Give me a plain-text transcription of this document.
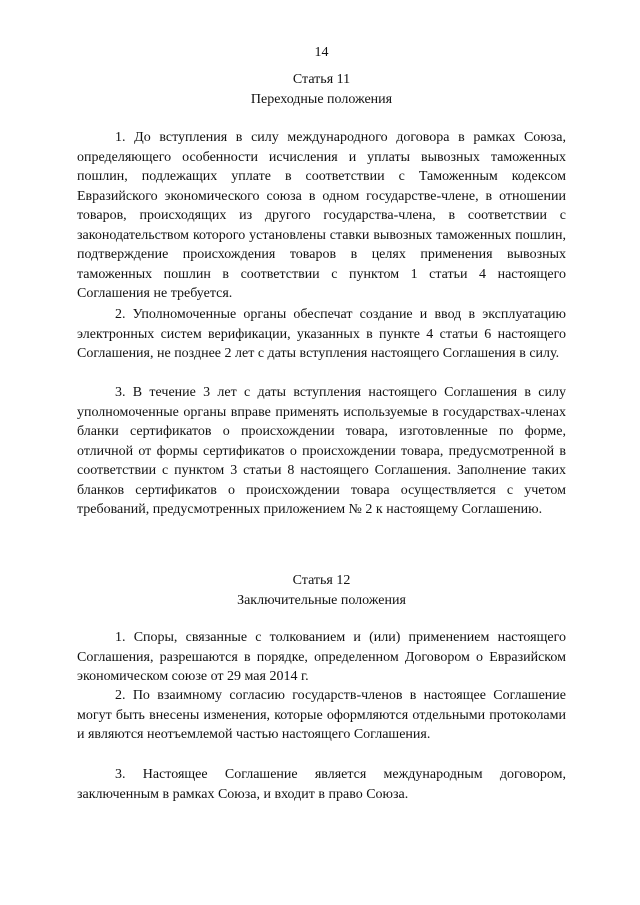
14
Статья 11
Переходные положения

1. До вступления в силу международного договора в рамках Союза, определяющего особенности исчисления и уплаты вывозных таможенных пошлин, подлежащих уплате в соответствии с Таможенным кодексом Евразийского экономического союза в одном государстве-члене, в отношении товаров, происходящих из другого государства-члена, в соответствии с законодательством которого установлены ставки вывозных таможенных пошлин, подтверждение происхождения товаров в целях применения вывозных таможенных пошлин в соответствии с пунктом 1 статьи 4 настоящего Соглашения не требуется.

2. Уполномоченные органы обеспечат создание и ввод в эксплуатацию электронных систем верификации, указанных в пункте 4 статьи 6 настоящего Соглашения, не позднее 2 лет с даты вступления настоящего Соглашения в силу.

3. В течение 3 лет с даты вступления настоящего Соглашения в силу уполномоченные органы вправе применять используемые в государствах-членах бланки сертификатов о происхождении товара, изготовленные по форме, отличной от формы сертификатов о происхождении товара, предусмотренной в соответствии с пунктом 3 статьи 8 настоящего Соглашения. Заполнение таких бланков сертификатов о происхождении товара осуществляется с учетом требований, предусмотренных приложением № 2 к настоящему Соглашению.

Статья 12
Заключительные положения

1. Споры, связанные с толкованием и (или) применением настоящего Соглашения, разрешаются в порядке, определенном Договором о Евразийском экономическом союзе от 29 мая 2014 г.

2. По взаимному согласию государств-членов в настоящее Соглашение могут быть внесены изменения, которые оформляются отдельными протоколами и являются неотъемлемой частью настоящего Соглашения.

3. Настоящее Соглашение является международным договором, заключенным в рамках Союза, и входит в право Союза.
